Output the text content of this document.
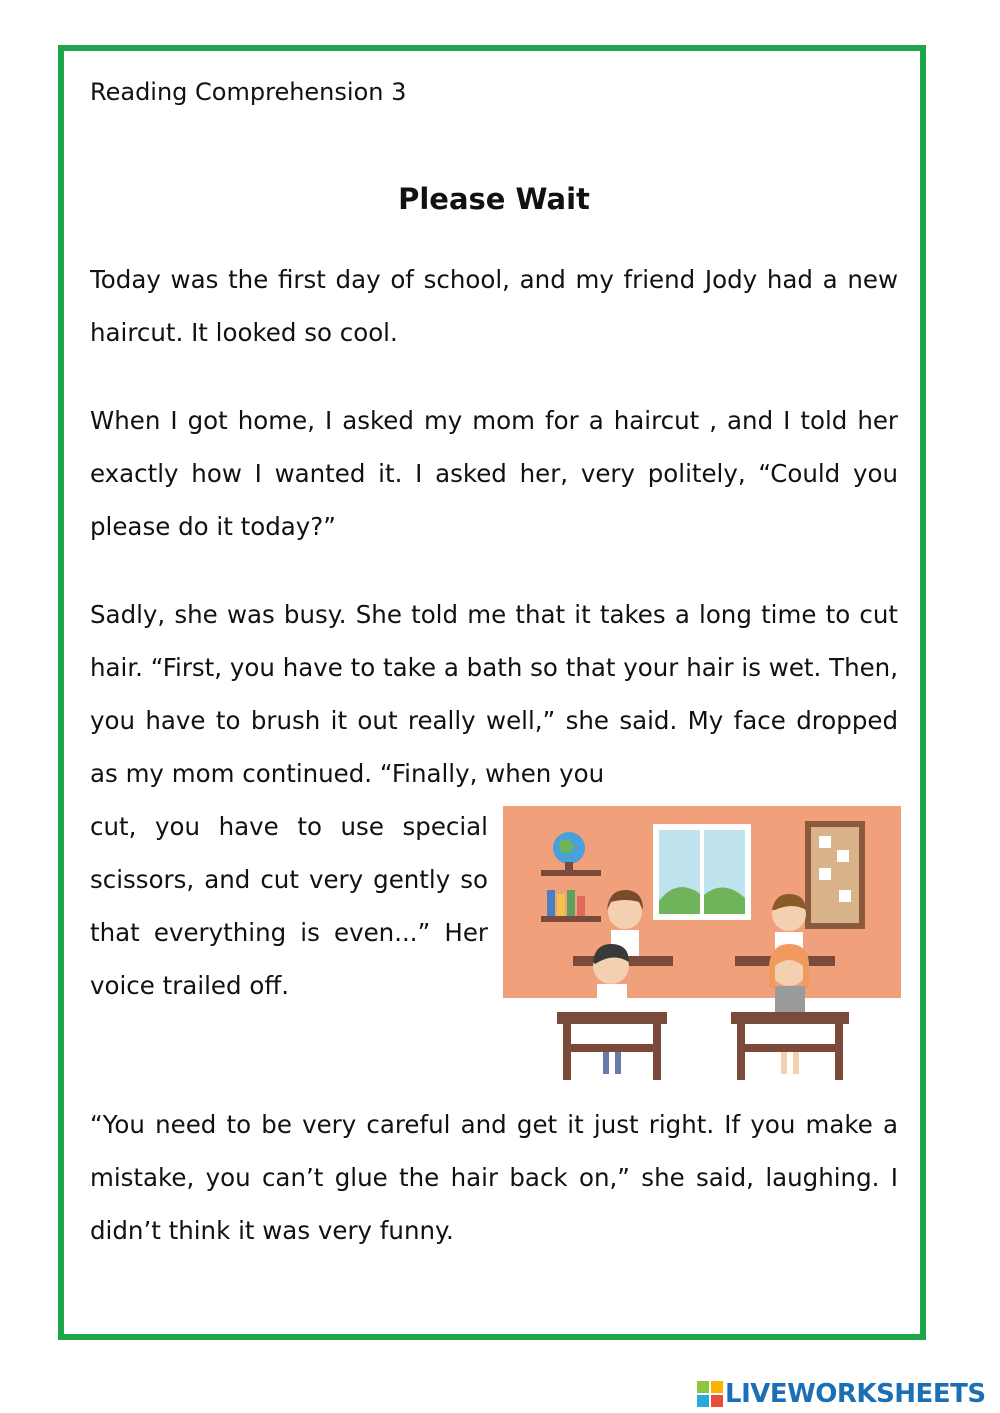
Reading Comprehension 3
Please Wait

Today was the first day of school, and my friend Jody had a new haircut. It looked so cool.

When I got home, I asked my mom for a haircut , and I told her exactly how I wanted it. I asked her, very politely, “Could you please do it today?”

Sadly, she was busy. She told me that it takes a long time to cut hair. “First, you have to take a bath so that your hair is wet. Then, you have to brush it out really well,” she said. My face dropped as my mom continued. “Finally, when you

cut, you have to use special scissors, and cut very gently so that everything is even...” Her voice trailed off.

“You need to be very careful and get it just right. If you make a mistake, you can’t glue the hair back on,” she said, laughing. I didn’t think it was very funny.

LIVEWORKSHEETS
